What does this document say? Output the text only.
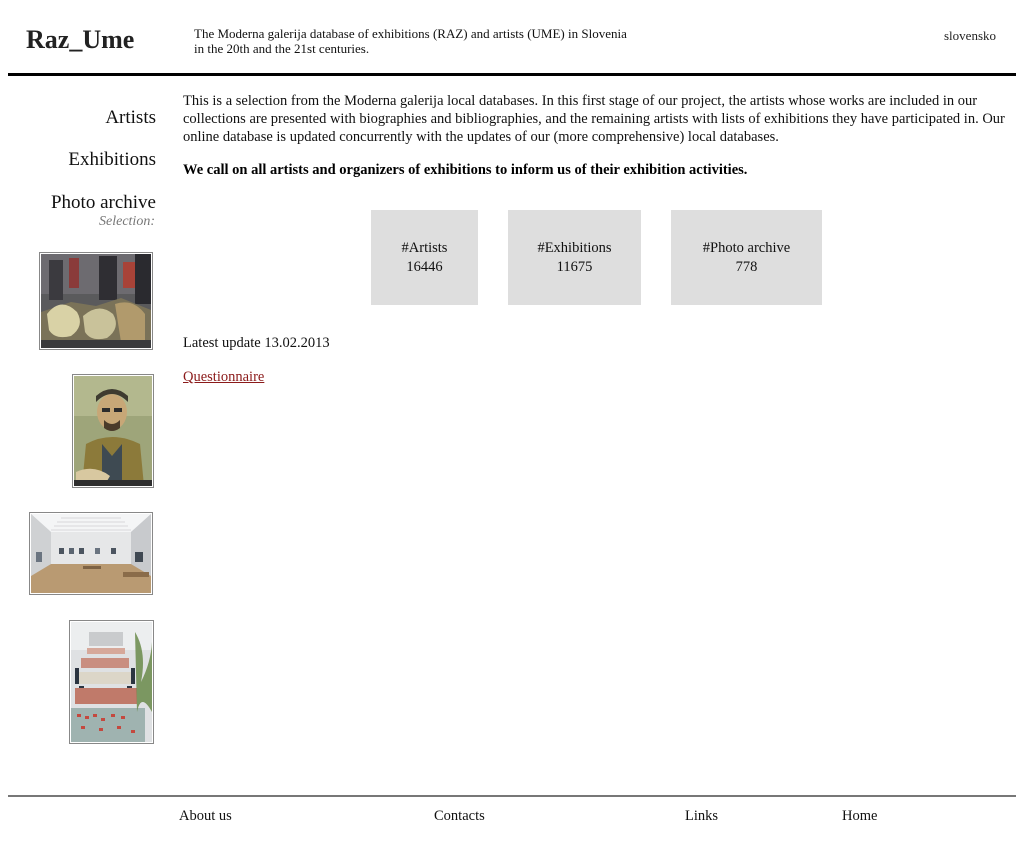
Raz_Ume	The Moderna galerija database of exhibitions (RAZ) and artists (UME) in Slovenia
in the 20th and the 21st centuries.
slovensko
Artists
Exhibitions
Photo archive
Selection:

This is a selection from the Moderna galerija local databases. In this first stage of our project, the artists whose works are included in our collections are presented with biographies and bibliographies, and the remaining artists with lists of exhibitions they have participated in. Our online database is updated concurrently with the updates of our (more comprehensive) local databases.

We call on all artists and organizers of exhibitions to inform us of their exhibition activities.

#Artists
16446
#Exhibitions
11675
#Photo archive
778
Latest update 13.02.2013
Questionnaire
About us	Contacts	Links	Home
